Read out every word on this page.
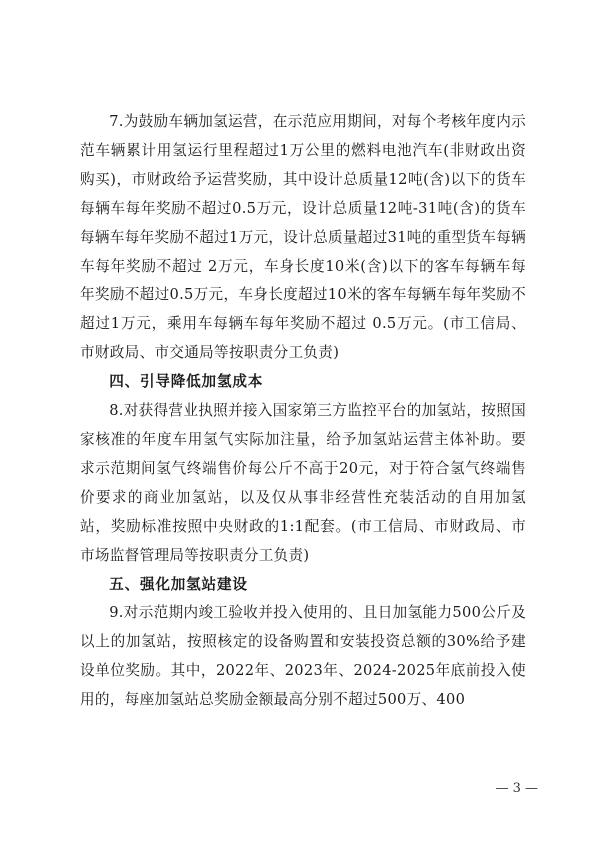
7.为鼓励车辆加氢运营，在示范应用期间，对每个考核年度内示范车辆累计用氢运行里程超过1万公里的燃料电池汽车(非财政出资购买)，市财政给予运营奖励，其中设计总质量12吨(含)以下的货车每辆车每年奖励不超过0.5万元，设计总质量12吨-31吨(含)的货车每辆车每年奖励不超过1万元，设计总质量超过31吨的重型货车每辆车每年奖励不超过 2万元，车身长度10米(含)以下的客车每辆车每年奖励不超过0.5万元，车身长度超过10米的客车每辆车每年奖励不超过1万元，乘用车每辆车每年奖励不超过 0.5万元。(市工信局、市财政局、市交通局等按职责分工负责)

四、引导降低加氢成本

8.对获得营业执照并接入国家第三方监控平台的加氢站，按照国家核准的年度车用氢气实际加注量，给予加氢站运营主体补助。要求示范期间氢气终端售价每公斤不高于20元，对于符合氢气终端售价要求的商业加氢站，以及仅从事非经营性充装活动的自用加氢站，奖励标准按照中央财政的1:1配套。(市工信局、市财政局、市市场监督管理局等按职责分工负责)

五、强化加氢站建设

9.对示范期内竣工验收并投入使用的、且日加氢能力500公斤及以上的加氢站，按照核定的设备购置和安装投资总额的30%给予建设单位奖励。其中，2022年、2023年、2024-2025年底前投入使用的，每座加氢站总奖励金额最高分别不超过500万、400

— 3 —
